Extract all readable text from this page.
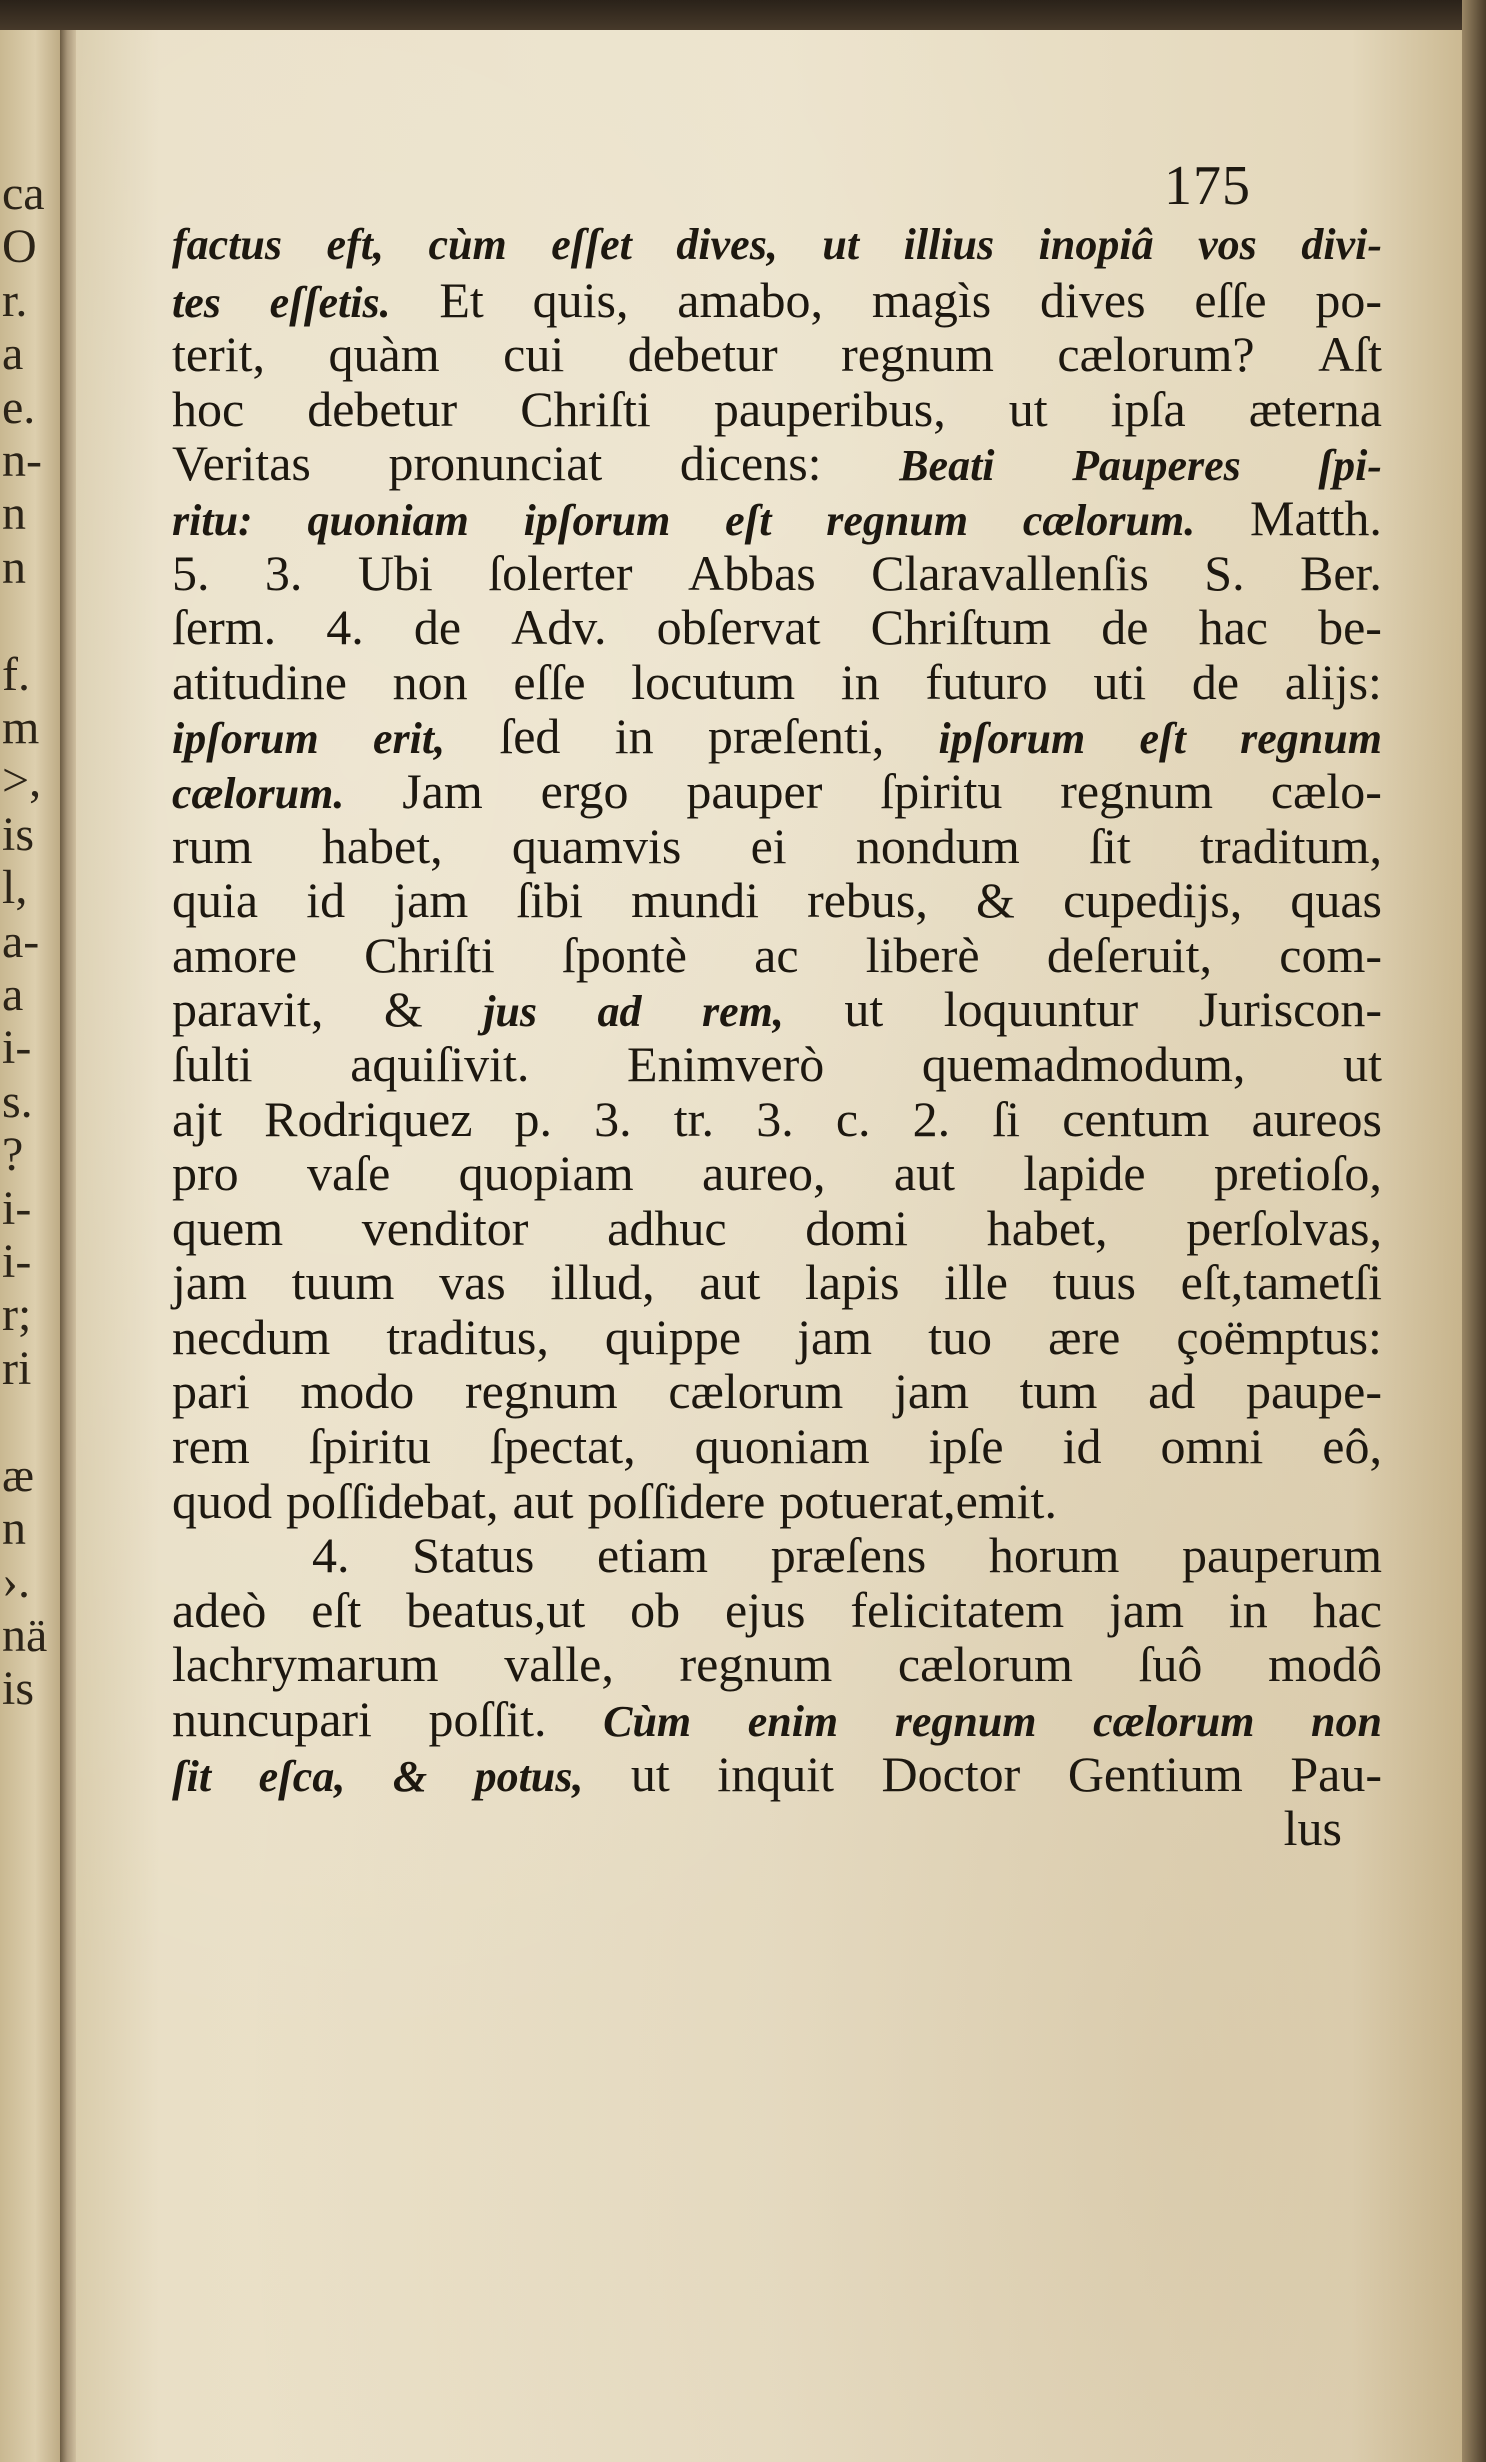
ca
O
r.
a
e.
n-
n
n
f.
m
>,
is
l,
a-
a
i-
s.
?
i-
i-
r;
ri
æ
n
›.
nä
is
175
factus eft, cùm eſſet dives, ut illius inopiâ vos divi-
tes eſſetis. Et quis, amabo, magìs dives eſſe po-
terit, quàm cui debetur regnum cælorum? Aſt
hoc debetur Chriſti pauperibus, ut ipſa æterna
Veritas pronunciat dicens: Beati Pauperes ſpi-
ritu: quoniam ipſorum eſt regnum cælorum. Matth.
5. 3. Ubi ſolerter Abbas Claravallenſis S. Ber.
ſerm. 4. de Adv. obſervat Chriſtum de hac be-
atitudine non eſſe locutum in futuro uti de alijs:
ipſorum erit, ſed in præſenti, ipſorum eſt regnum
cælorum. Jam ergo pauper ſpiritu regnum cælo-
rum habet, quamvis ei nondum ſit traditum,
quia id jam ſibi mundi rebus, & cupedijs, quas
amore Chriſti ſpontè ac liberè deſeruit, com-
paravit, & jus ad rem, ut loquuntur Juriscon-
ſulti aquiſivit. Enimverò quemadmodum, ut
ajt Rodriquez p. 3. tr. 3. c. 2. ſi centum aureos
pro vaſe quopiam aureo, aut lapide pretioſo,
quem venditor adhuc domi habet, perſolvas,
jam tuum vas illud, aut lapis ille tuus eſt,tametſi
necdum traditus, quippe jam tuo ære çoëmptus:
pari modo regnum cælorum jam tum ad paupe-
rem ſpiritu ſpectat, quoniam ipſe id omni eô,
quod poſſidebat, aut poſſidere potuerat,emit.
4. Status etiam præſens horum pauperum
adeò eſt beatus,ut ob ejus felicitatem jam in hac
lachrymarum valle, regnum cælorum ſuô modô
nuncupari poſſit. Cùm enim regnum cælorum non
ſit eſca, & potus, ut inquit Doctor Gentium Pau-
lus
